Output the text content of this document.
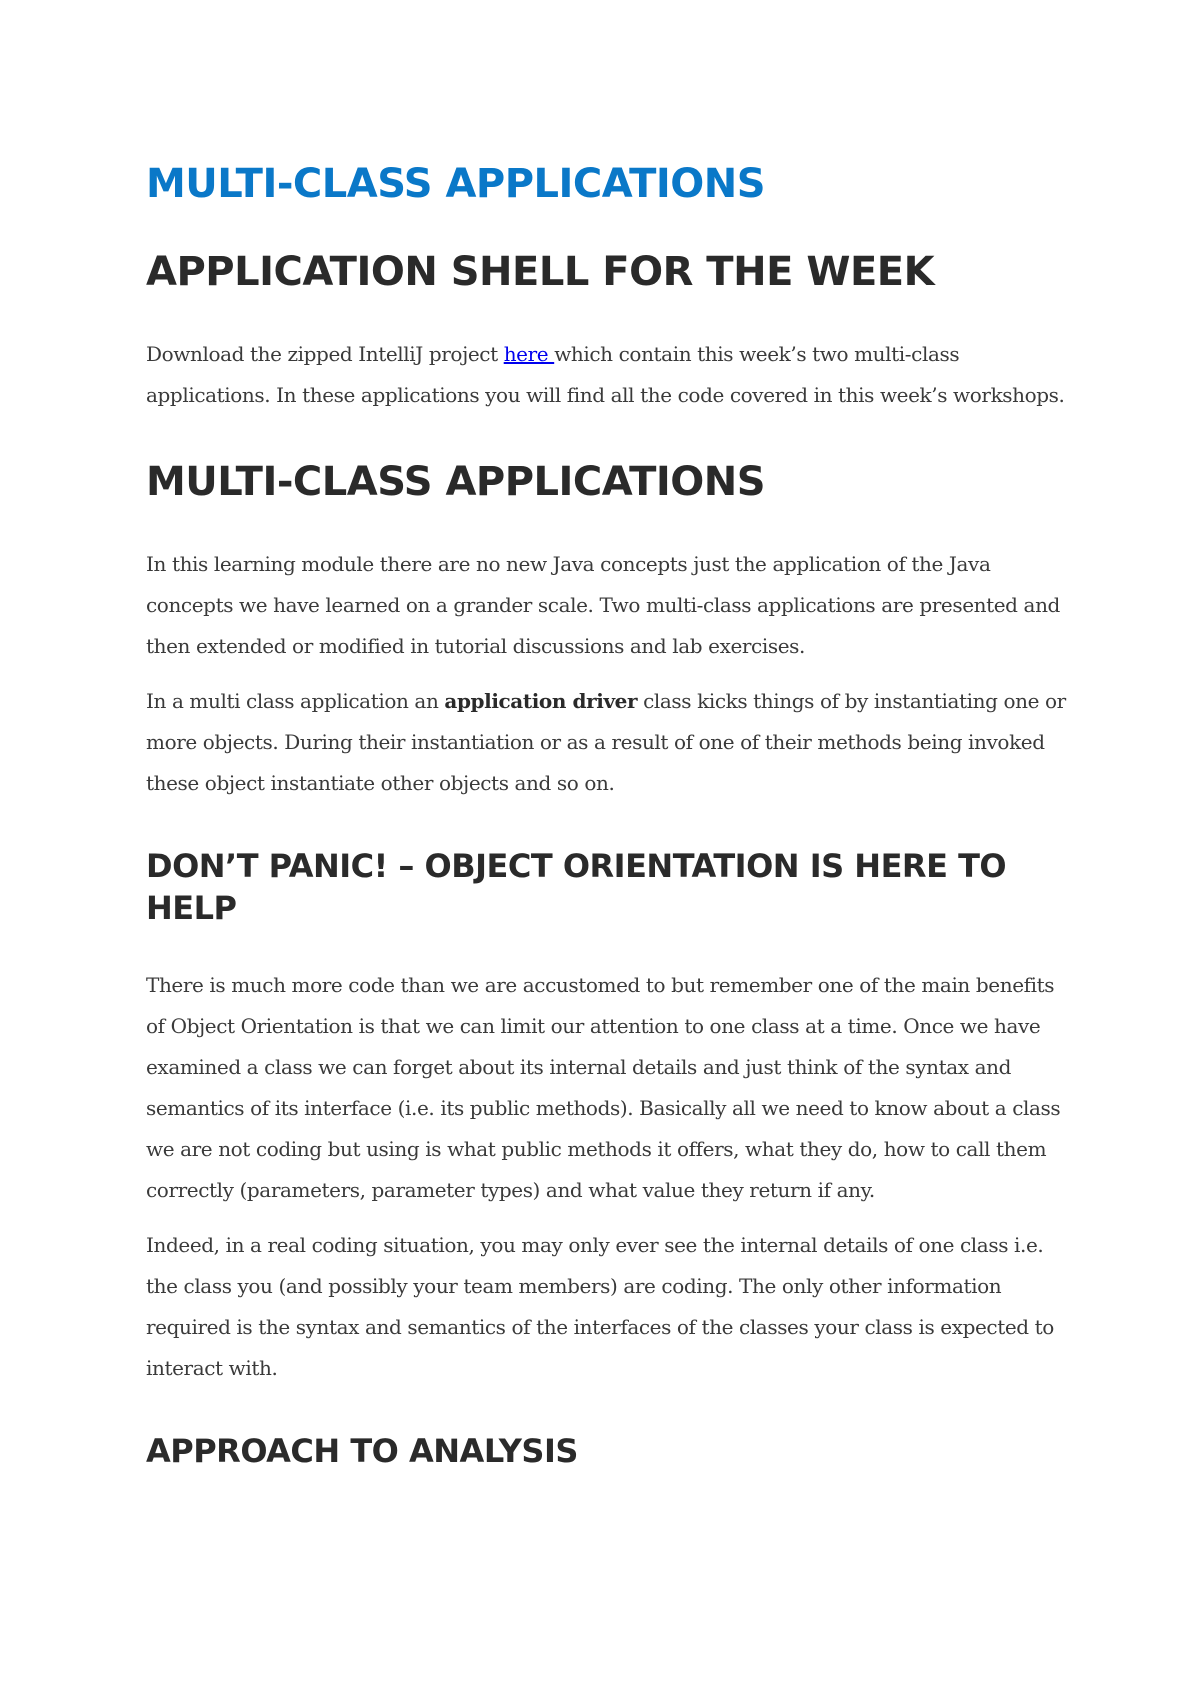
MULTI-CLASS APPLICATIONS
APPLICATION SHELL FOR THE WEEK

Download the zipped IntelliJ project here which contain this week’s two multi-class applications. In these applications you will find all the code covered in this week’s workshops.

MULTI-CLASS APPLICATIONS

In this learning module there are no new Java concepts just the application of the Java concepts we have learned on a grander scale. Two multi-class applications are presented and then extended or modified in tutorial discussions and lab exercises.

In a multi class application an application driver class kicks things of by instantiating one or more objects. During their instantiation or as a result of one of their methods being invoked these object instantiate other objects and so on.

DON’T PANIC! – OBJECT ORIENTATION IS HERE TO HELP

There is much more code than we are accustomed to but remember one of the main benefits of Object Orientation is that we can limit our attention to one class at a time. Once we have examined a class we can forget about its internal details and just think of the syntax and semantics of its interface (i.e. its public methods). Basically all we need to know about a class we are not coding but using is what public methods it offers, what they do, how to call them correctly (parameters, parameter types) and what value they return if any.

Indeed, in a real coding situation, you may only ever see the internal details of one class i.e. the class you (and possibly your team members) are coding. The only other information required is the syntax and semantics of the interfaces of the classes your class is expected to interact with.

APPROACH TO ANALYSIS
